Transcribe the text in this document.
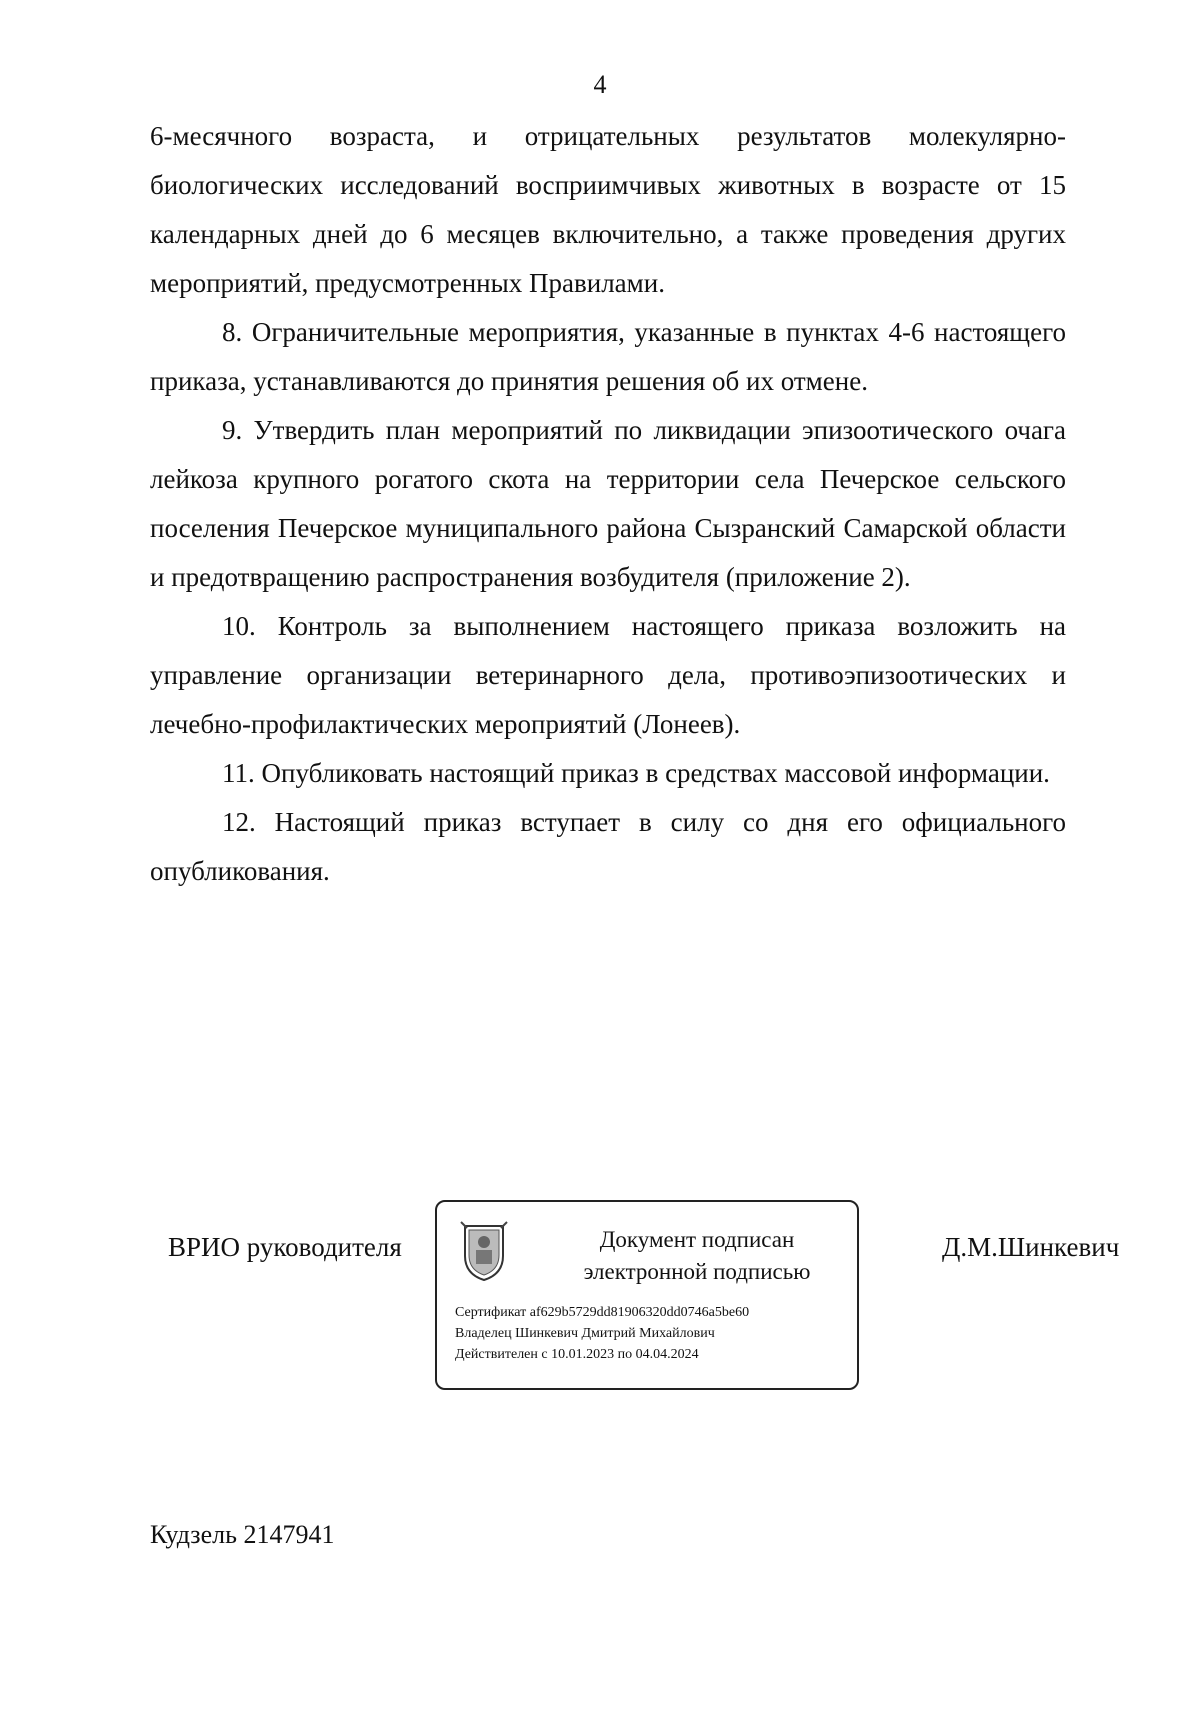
4

6-месячного возраста, и отрицательных результатов молекулярно-биологических исследований восприимчивых животных в возрасте от 15 календарных дней до 6 месяцев включительно, а также проведения других мероприятий, предусмотренных Правилами.

8. Ограничительные мероприятия, указанные в пунктах 4-6 настоящего приказа, устанавливаются до принятия решения об их отмене.

9. Утвердить план мероприятий по ликвидации эпизоотического очага лейкоза крупного рогатого скота на территории села Печерское сельского поселения Печерское муниципального района Сызранский Самарской области и предотвращению распространения возбудителя (приложение 2).

10. Контроль за выполнением настоящего приказа возложить на управление организации ветеринарного дела, противоэпизоотических и лечебно-профилактических мероприятий (Лонеев).

11. Опубликовать настоящий приказ в средствах массовой информации.

12. Настоящий приказ вступает в силу со дня его официального опубликования.

ВРИО руководителя	Документ подписан
электронной подписью
Сертификат af629b5729dd81906320dd0746a5be60
Владелец Шинкевич Дмитрий Михайлович
Действителен с 10.01.2023 по 04.04.2024
Д.М.Шинкевич
Кудзель 2147941
